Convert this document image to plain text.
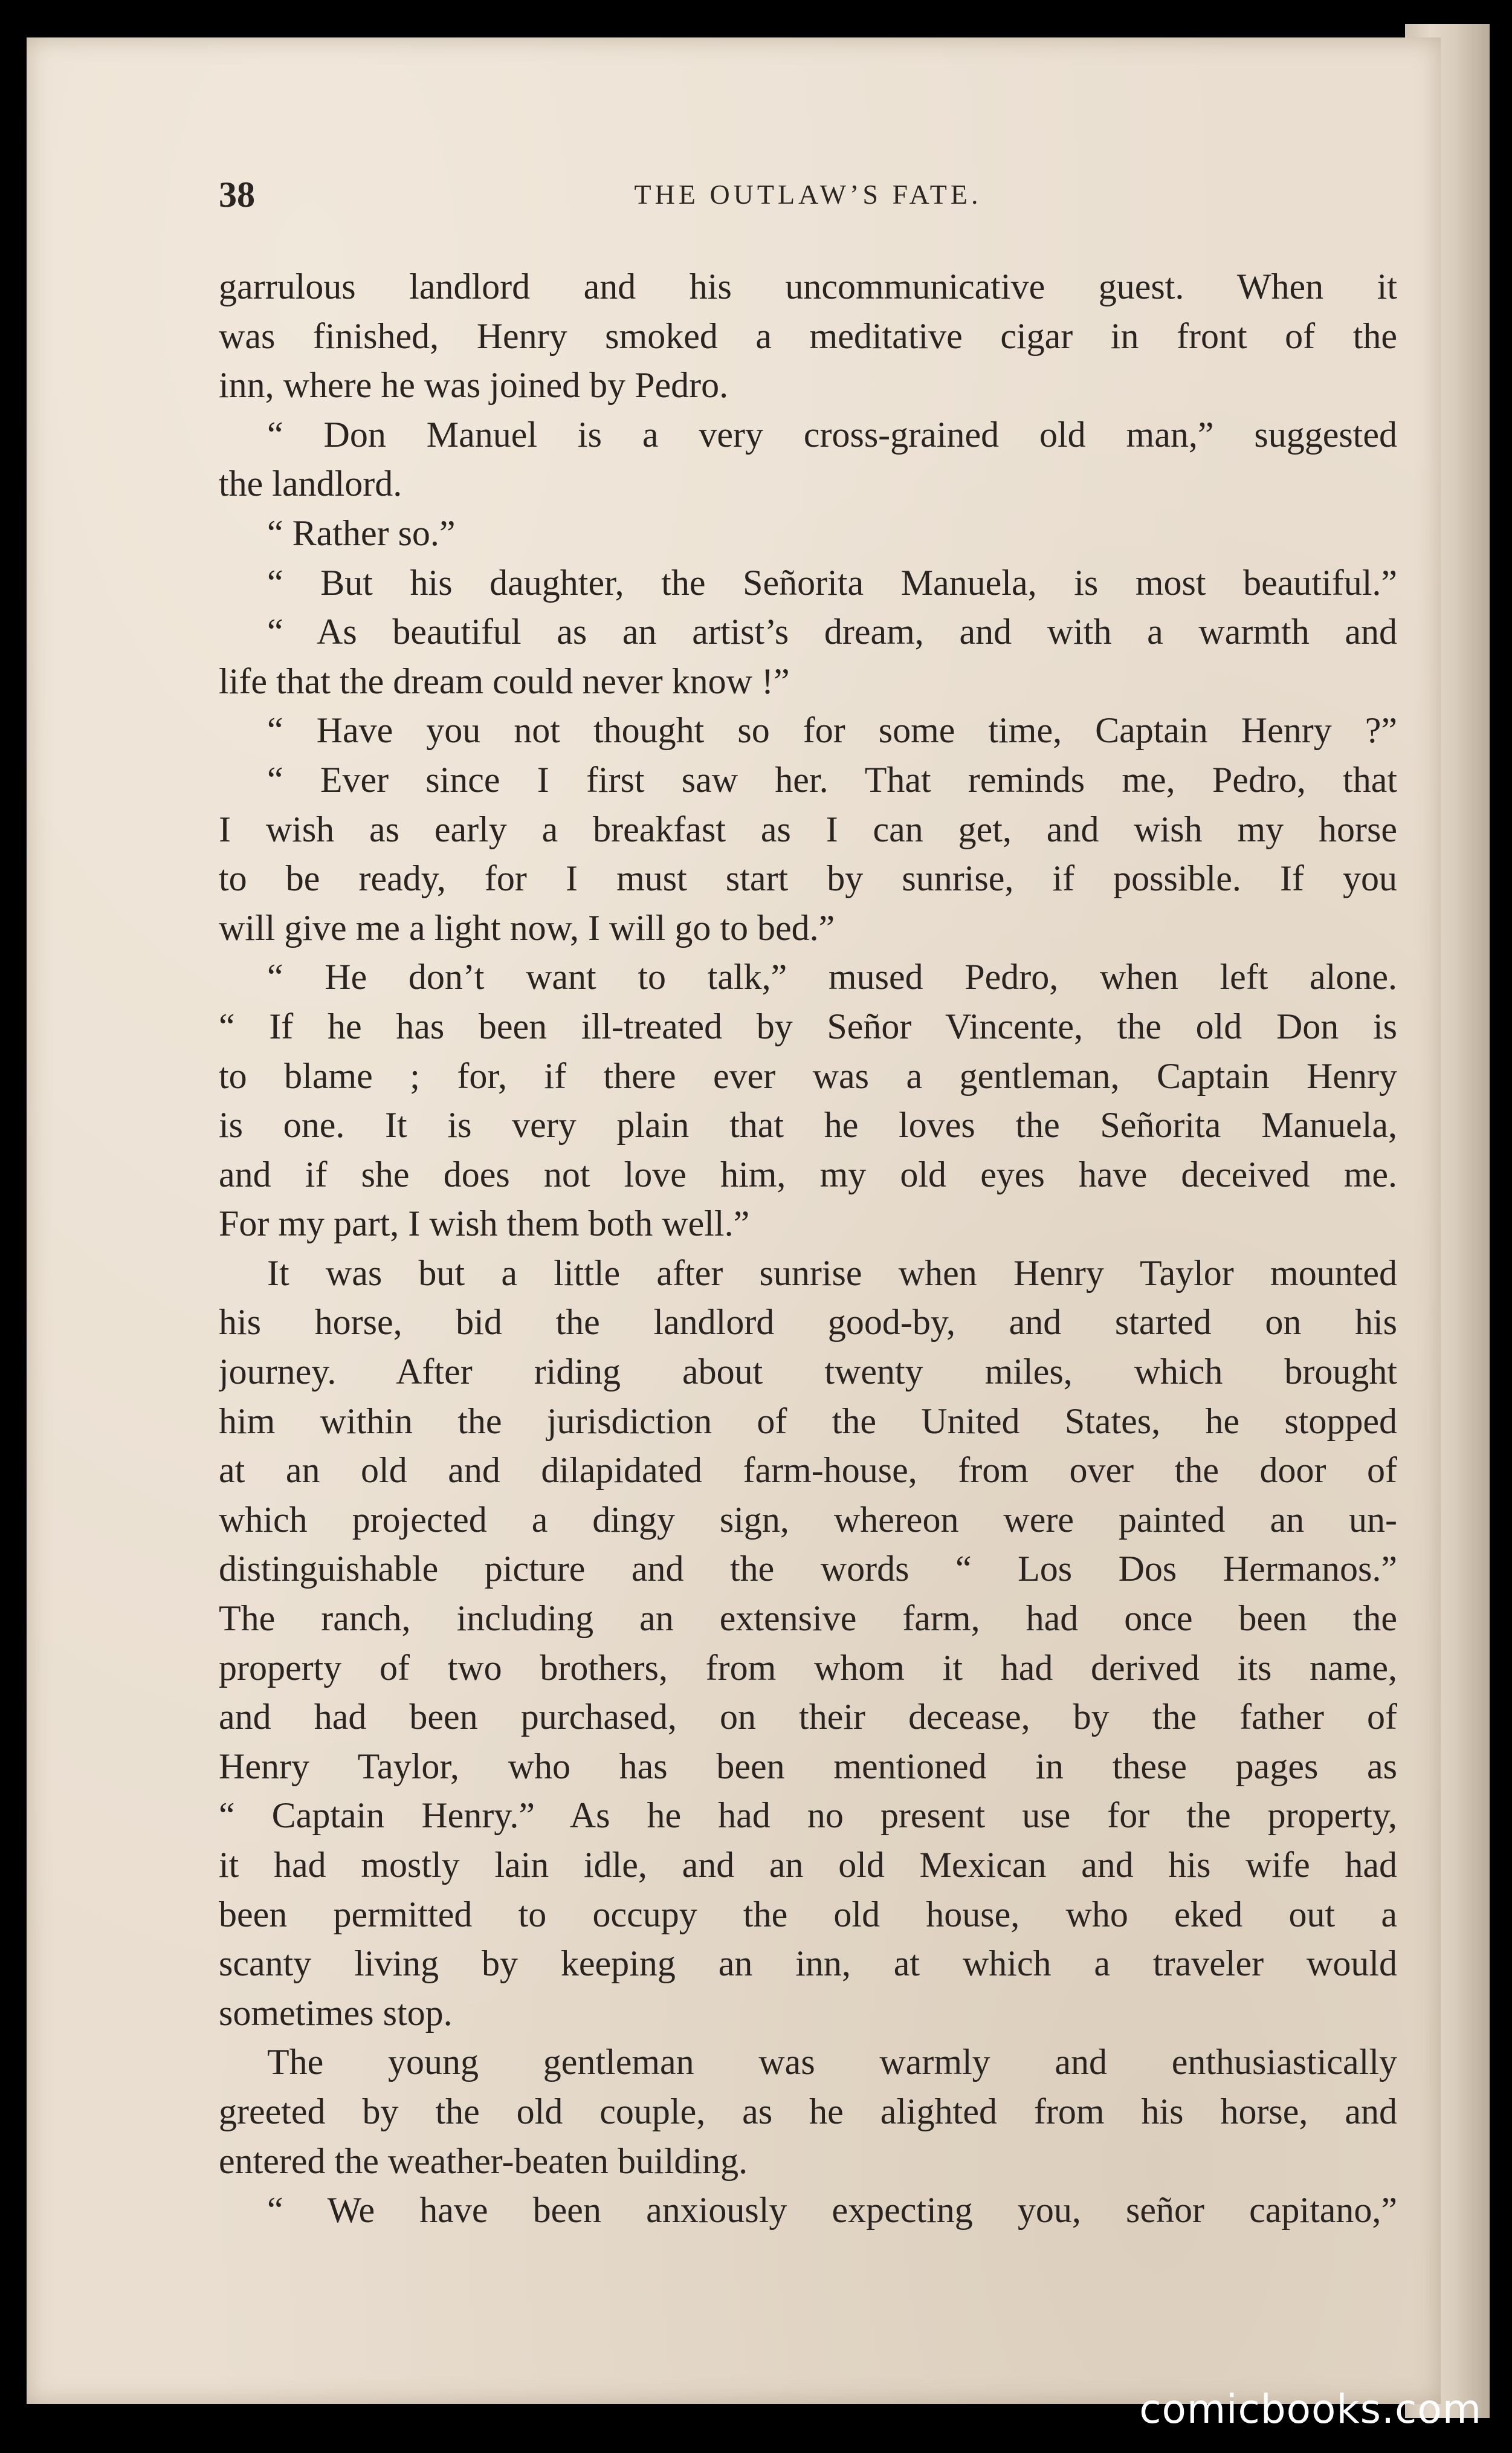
38	THE OUTLAW’S FATE.
garrulous landlord and his uncommunicative guest. When it
was finished, Henry smoked a meditative cigar in front of the
inn, where he was joined by Pedro.
“ Don Manuel is a very cross-grained old man,” suggested
the landlord.
“ Rather so.”
“ But his daughter, the Señorita Manuela, is most beautiful.”
“ As beautiful as an artist’s dream, and with a warmth and
life that the dream could never know !”
“ Have you not thought so for some time, Captain Henry ?”
“ Ever since I first saw her. That reminds me, Pedro, that
I wish as early a breakfast as I can get, and wish my horse
to be ready, for I must start by sunrise, if possible. If you
will give me a light now, I will go to bed.”
“ He don’t want to talk,” mused Pedro, when left alone.
“ If he has been ill-treated by Señor Vincente, the old Don is
to blame ; for, if there ever was a gentleman, Captain Henry
is one. It is very plain that he loves the Señorita Manuela,
and if she does not love him, my old eyes have deceived me.
For my part, I wish them both well.”
It was but a little after sunrise when Henry Taylor mounted
his horse, bid the landlord good-by, and started on his
journey. After riding about twenty miles, which brought
him within the jurisdiction of the United States, he stopped
at an old and dilapidated farm-house, from over the door of
which projected a dingy sign, whereon were painted an un-
distinguishable picture and the words “ Los Dos Hermanos.”
The ranch, including an extensive farm, had once been the
property of two brothers, from whom it had derived its name,
and had been purchased, on their decease, by the father of
Henry Taylor, who has been mentioned in these pages as
“ Captain Henry.” As he had no present use for the property,
it had mostly lain idle, and an old Mexican and his wife had
been permitted to occupy the old house, who eked out a
scanty living by keeping an inn, at which a traveler would
sometimes stop.
The young gentleman was warmly and enthusiastically
greeted by the old couple, as he alighted from his horse, and
entered the weather-beaten building.
“ We have been anxiously expecting you, señor capitano,”
comicbooks.com
